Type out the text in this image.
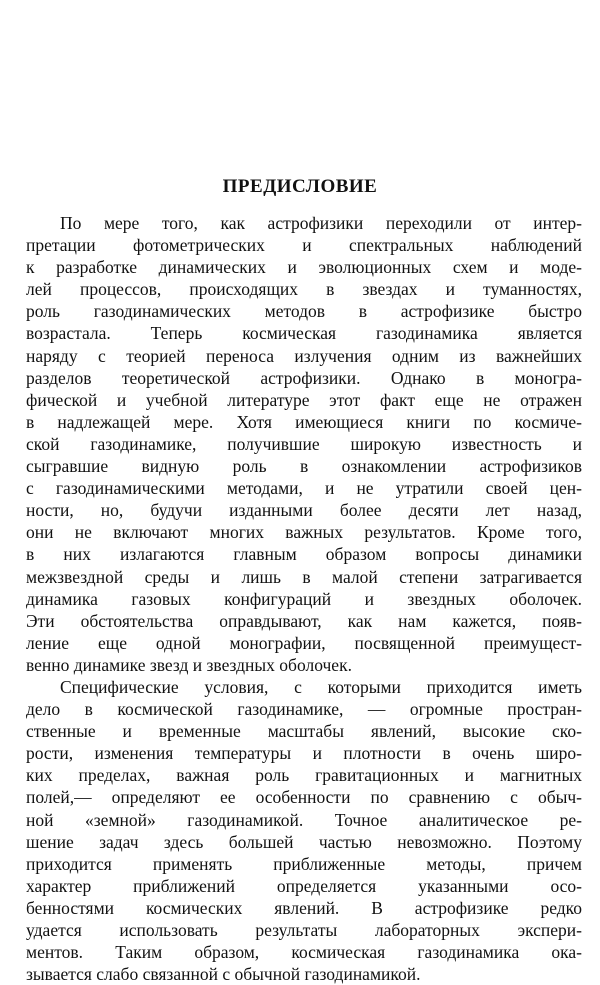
ПРЕДИСЛОВИЕ
По мере того, как астрофизики переходили от интер-
претации фотометрических и спектральных наблюдений
к разработке динамических и эволюционных схем и моде-
лей процессов, происходящих в звездах и туманностях,
роль газодинамических методов в астрофизике быстро
возрастала. Теперь космическая газодинамика является
наряду с теорией переноса излучения одним из важнейших
разделов теоретической астрофизики. Однако в моногра-
фической и учебной литературе этот факт еще не отражен
в надлежащей мере. Хотя имеющиеся книги по космиче-
ской газодинамике, получившие широкую известность и
сыгравшие видную роль в ознакомлении астрофизиков
с газодинамическими методами, и не утратили своей цен-
ности, но, будучи изданными более десяти лет назад,
они не включают многих важных результатов. Кроме того,
в них излагаются главным образом вопросы динамики
межзвездной среды и лишь в малой степени затрагивается
динамика газовых конфигураций и звездных оболочек.
Эти обстоятельства оправдывают, как нам кажется, появ-
ление еще одной монографии, посвященной преимущест-
венно динамике звезд и звездных оболочек.
Специфические условия, с которыми приходится иметь
дело в космической газодинамике, — огромные простран-
ственные и временные масштабы явлений, высокие ско-
рости, изменения температуры и плотности в очень широ-
ких пределах, важная роль гравитационных и магнитных
полей,— определяют ее особенности по сравнению с обыч-
ной «земной» газодинамикой. Точное аналитическое ре-
шение задач здесь большей частью невозможно. Поэтому
приходится применять приближенные методы, причем
характер приближений определяется указанными осо-
бенностями космических явлений. В астрофизике редко
удается использовать результаты лабораторных экспери-
ментов. Таким образом, космическая газодинамика ока-
зывается слабо связанной с обычной газодинамикой.
